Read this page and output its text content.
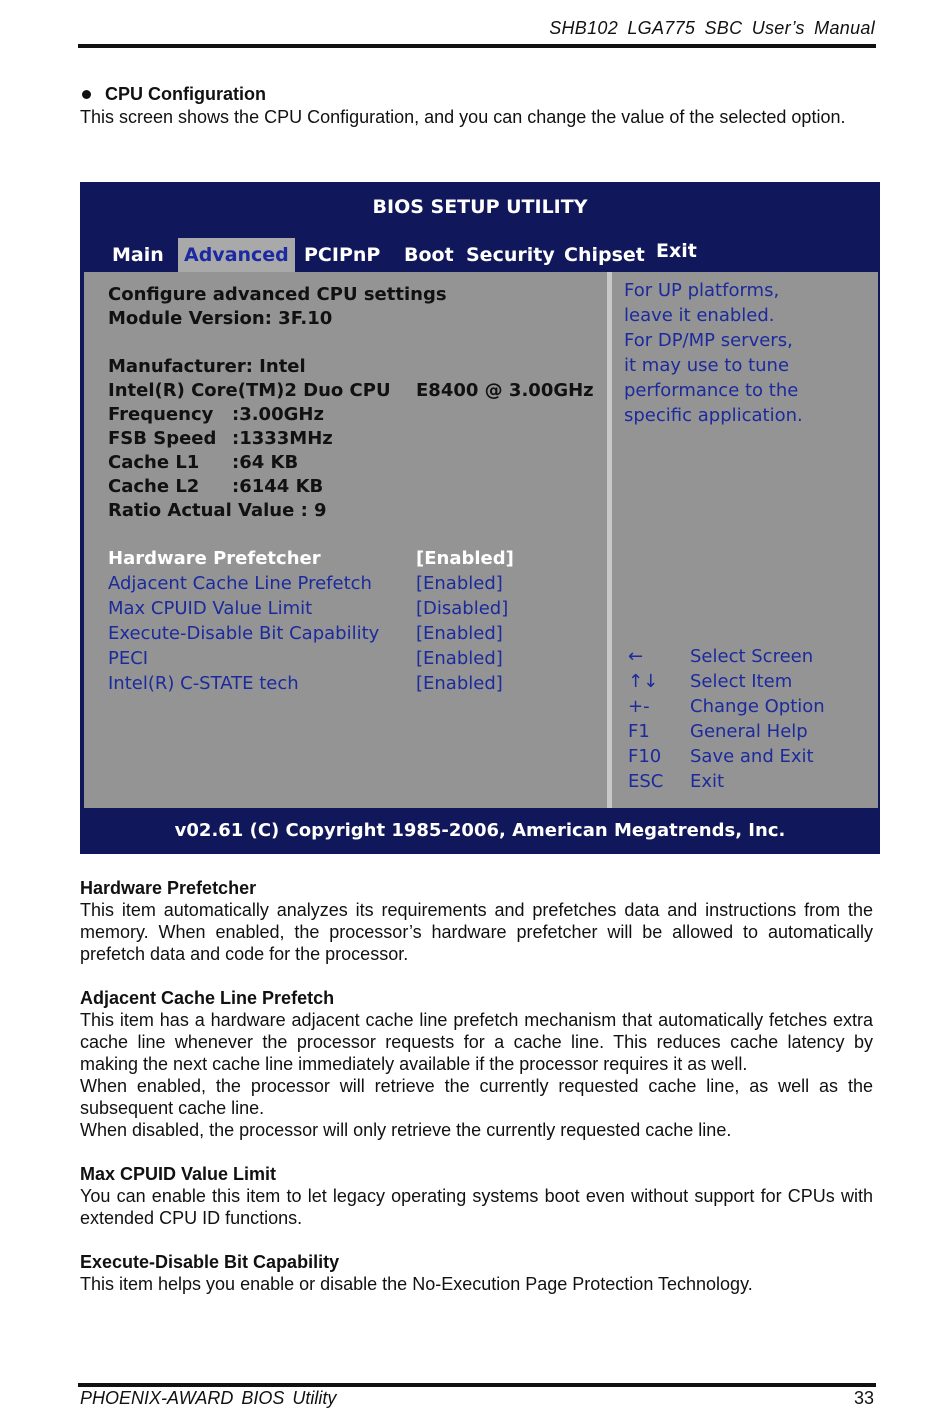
SHB102 LGA775 SBC User’s Manual
CPU Configuration
This screen shows the CPU Configuration, and you can change the value of the selected option.
BIOS SETUP UTILITY
Main	Advanced PCIPnP	Boot Security Chipset Exit
Configure advanced CPU settings
Module Version: 3F.10
Manufacturer: Intel
Intel(R) Core(TM)2 Duo CPU E8400 @ 3.00GHz
Frequency :3.00GHz
FSB Speed :1333MHz
Cache L1 :64 KB
Cache L2 :6144 KB
Ratio Actual Value : 9
Hardware Prefetcher	[Enabled]
Adjacent Cache Line Prefetch [Enabled]
Max CPUID Value Limit	[Disabled]
Execute-Disable Bit Capability [Enabled]
PECI	[Enabled]
Intel(R) C-STATE tech	[Enabled]
For UP platforms,
leave it enabled.
For DP/MP servers,
it may use to tune
performance to the
specific application.
←	Select Screen
↑↓ Select Item
+- Change Option
F1 General Help
F10 Save and Exit
ESC Exit
v02.61 (C) Copyright 1985-2006, American Megatrends, Inc.
Hardware Prefetcher
This item automatically analyzes its requirements and prefetches data and instructions from the memory. When enabled, the processor’s hardware prefetcher will be allowed to automatically prefetch data and code for the processor.
Adjacent Cache Line Prefetch
This item has a hardware adjacent cache line prefetch mechanism that automatically fetches extra cache line whenever the processor requests for a cache line. This reduces cache latency by making the next cache line immediately available if the processor requires it as well.
When enabled, the processor will retrieve the currently requested cache line, as well as the subsequent cache line.
When disabled, the processor will only retrieve the currently requested cache line.
Max CPUID Value Limit
You can enable this item to let legacy operating systems boot even without support for CPUs with extended CPU ID functions.
Execute-Disable Bit Capability
This item helps you enable or disable the No-Execution Page Protection Technology.
PHOENIX-AWARD BIOS Utility	33
